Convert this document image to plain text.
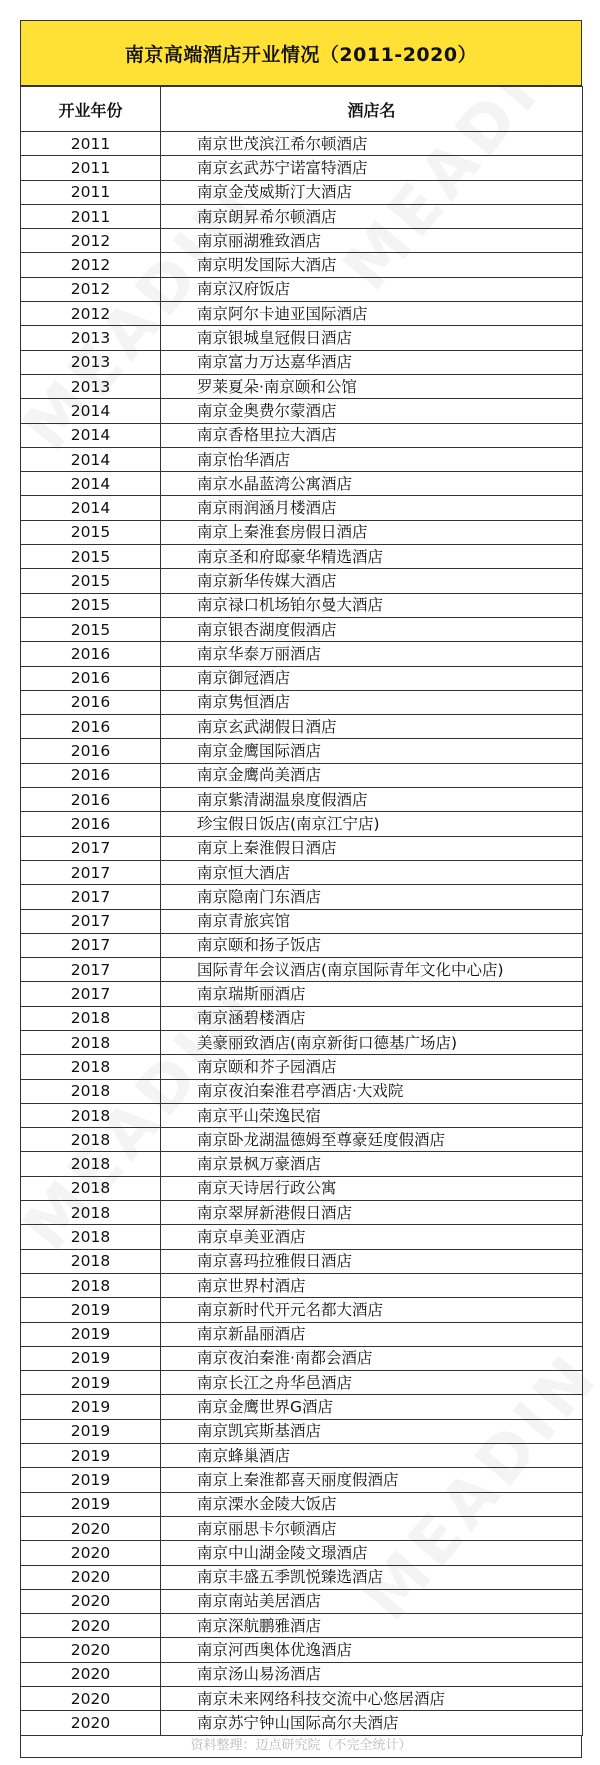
南京高端酒店开业情况（2011-2020）
开业年份	酒店名
2011	南京世茂滨江希尔顿酒店
2011	南京玄武苏宁诺富特酒店
2011	南京金茂威斯汀大酒店
2011	南京朗昇希尔顿酒店
2012	南京丽湖雅致酒店
2012	南京明发国际大酒店
2012	南京汉府饭店
2012	南京阿尔卡迪亚国际酒店
2013	南京银城皇冠假日酒店
2013	南京富力万达嘉华酒店
2013	罗莱夏朵·南京颐和公馆
2014	南京金奥费尔蒙酒店
2014	南京香格里拉大酒店
2014	南京怡华酒店
2014	南京水晶蓝湾公寓酒店
2014	南京雨润涵月楼酒店
2015	南京上秦淮套房假日酒店
2015	南京圣和府邸豪华精选酒店
2015	南京新华传媒大酒店
2015	南京禄口机场铂尔曼大酒店
2015	南京银杏湖度假酒店
2016	南京华泰万丽酒店
2016	南京御冠酒店
2016	南京隽恒酒店
2016	南京玄武湖假日酒店
2016	南京金鹰国际酒店
2016	南京金鹰尚美酒店
2016	南京紫清湖温泉度假酒店
2016	珍宝假日饭店(南京江宁店)
2017	南京上秦淮假日酒店
2017	南京恒大酒店
2017	南京隐南门东酒店
2017	南京青旅宾馆
2017	南京颐和扬子饭店
2017	国际青年会议酒店(南京国际青年文化中心店)
2017	南京瑞斯丽酒店
2018	南京涵碧楼酒店
2018	美豪丽致酒店(南京新街口德基广场店)
2018	南京颐和芥子园酒店
2018	南京夜泊秦淮君亭酒店·大戏院
2018	南京平山荣逸民宿
2018	南京卧龙湖温德姆至尊豪廷度假酒店
2018	南京景枫万豪酒店
2018	南京天诗居行政公寓
2018	南京翠屏新港假日酒店
2018	南京卓美亚酒店
2018	南京喜玛拉雅假日酒店
2018	南京世界村酒店
2019	南京新时代开元名都大酒店
2019	南京新晶丽酒店
2019	南京夜泊秦淮·南都会酒店
2019	南京长江之舟华邑酒店
2019	南京金鹰世界G酒店
2019	南京凯宾斯基酒店
2019	南京蜂巢酒店
2019	南京上秦淮都喜天丽度假酒店
2019	南京溧水金陵大饭店
2020	南京丽思卡尔顿酒店
2020	南京中山湖金陵文璟酒店
2020	南京丰盛五季凯悦臻选酒店
2020	南京南站美居酒店
2020	南京深航鹏雅酒店
2020	南京河西奥体优逸酒店
2020	南京汤山易汤酒店
2020	南京未来网络科技交流中心悠居酒店
2020	南京苏宁钟山国际高尔夫酒店
资料整理：迈点研究院（不完全统计）
